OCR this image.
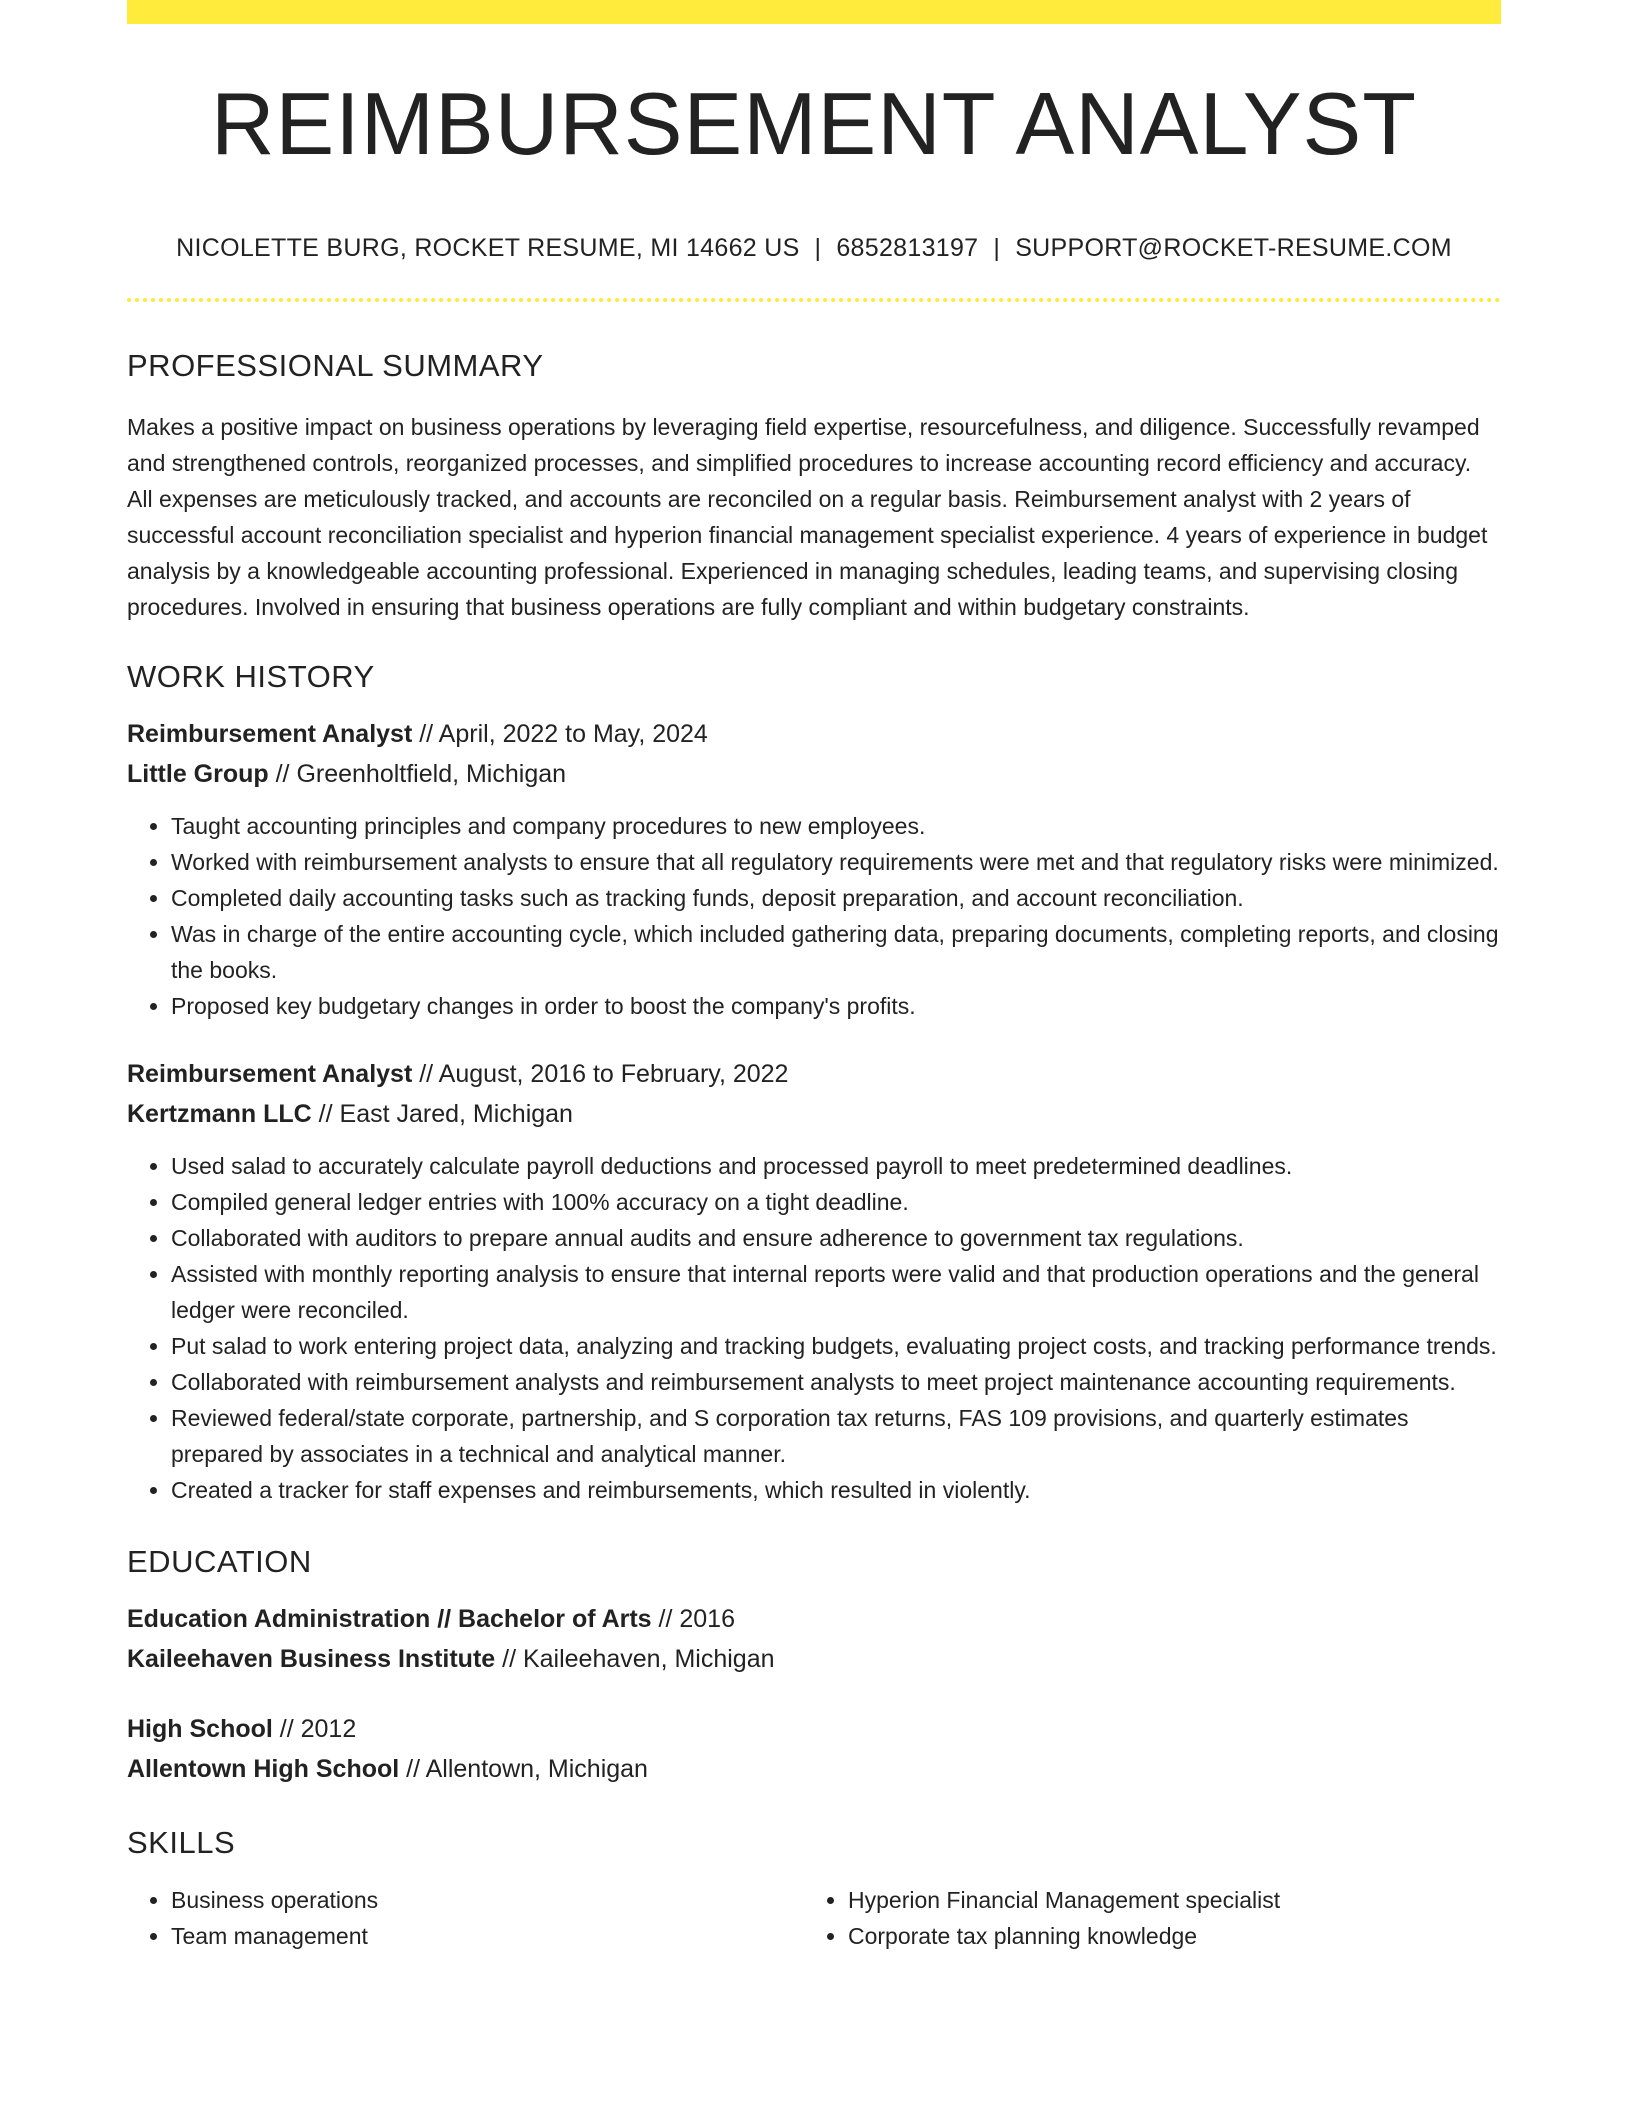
REIMBURSEMENT ANALYST
NICOLETTE BURG, ROCKET RESUME, MI 14662 US | 6852813197 | SUPPORT@ROCKET-RESUME.COM
PROFESSIONAL SUMMARY
Makes a positive impact on business operations by leveraging field expertise, resourcefulness, and diligence. Successfully revamped and strengthened controls, reorganized processes, and simplified procedures to increase accounting record efficiency and accuracy. All expenses are meticulously tracked, and accounts are reconciled on a regular basis. Reimbursement analyst with 2 years of successful account reconciliation specialist and hyperion financial management specialist experience. 4 years of experience in budget analysis by a knowledgeable accounting professional. Experienced in managing schedules, leading teams, and supervising closing procedures. Involved in ensuring that business operations are fully compliant and within budgetary constraints.
WORK HISTORY
Reimbursement Analyst // April, 2022 to May, 2024
Little Group // Greenholtfield, Michigan
• Taught accounting principles and company procedures to new employees.
• Worked with reimbursement analysts to ensure that all regulatory requirements were met and that regulatory risks were minimized.
• Completed daily accounting tasks such as tracking funds, deposit preparation, and account reconciliation.
• Was in charge of the entire accounting cycle, which included gathering data, preparing documents, completing reports, and closing the books.
• Proposed key budgetary changes in order to boost the company's profits.
Reimbursement Analyst // August, 2016 to February, 2022
Kertzmann LLC // East Jared, Michigan
• Used salad to accurately calculate payroll deductions and processed payroll to meet predetermined deadlines.
• Compiled general ledger entries with 100% accuracy on a tight deadline.
• Collaborated with auditors to prepare annual audits and ensure adherence to government tax regulations.
• Assisted with monthly reporting analysis to ensure that internal reports were valid and that production operations and the general ledger were reconciled.
• Put salad to work entering project data, analyzing and tracking budgets, evaluating project costs, and tracking performance trends.
• Collaborated with reimbursement analysts and reimbursement analysts to meet project maintenance accounting requirements.
• Reviewed federal/state corporate, partnership, and S corporation tax returns, FAS 109 provisions, and quarterly estimates prepared by associates in a technical and analytical manner.
• Created a tracker for staff expenses and reimbursements, which resulted in violently.
EDUCATION
Education Administration // Bachelor of Arts // 2016
Kaileehaven Business Institute // Kaileehaven, Michigan
High School // 2012
Allentown High School // Allentown, Michigan
SKILLS
• Business operations
• Team management
• Hyperion Financial Management specialist
• Corporate tax planning knowledge
